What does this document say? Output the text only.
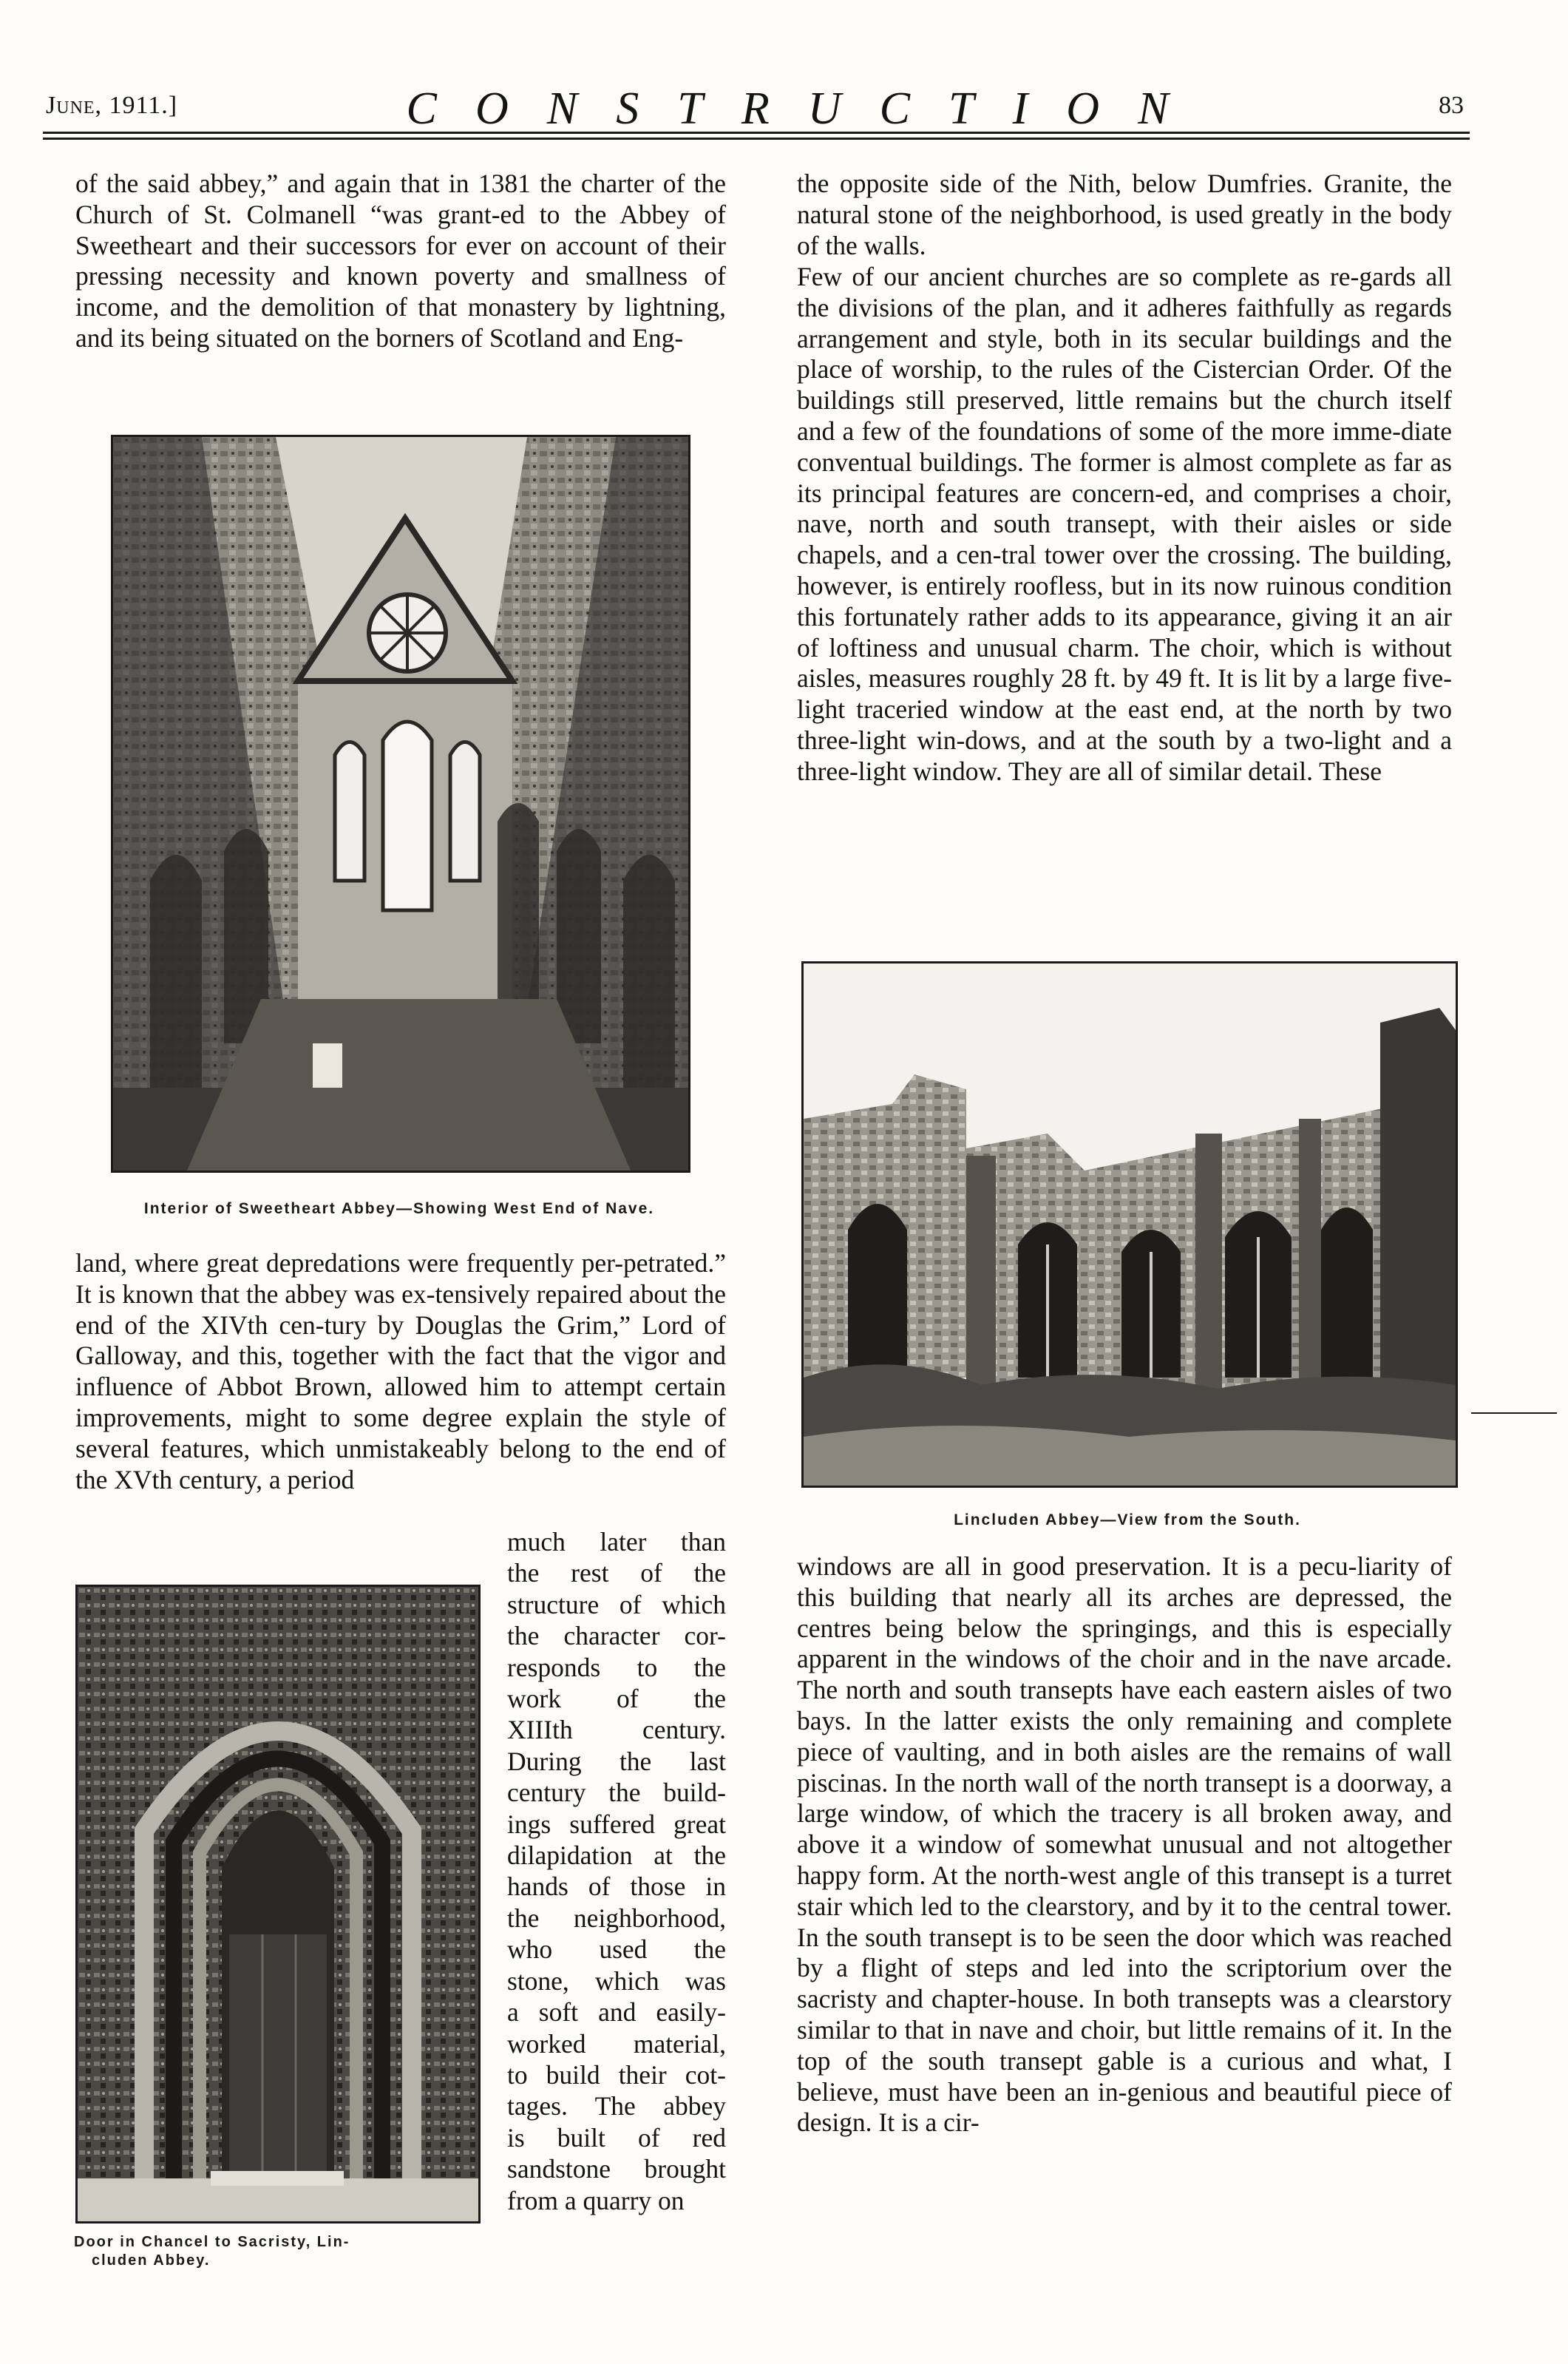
June, 1911.]	C O N S T R U C T I O N	83
of the said abbey,” and again that in 1381 the charter of the Church of St. Colmanell “was grant-ed to the Abbey of Sweetheart and their successors for ever on account of their pressing necessity and known poverty and smallness of income, and the demolition of that monastery by lightning, and its being situated on the borners of Scotland and Eng-
Interior of Sweetheart Abbey—Showing West End of Nave.
land, where great depredations were frequently per-petrated.” It is known that the abbey was ex-tensively repaired about the end of the XIVth cen-tury by Douglas the Grim,” Lord of Galloway, and this, together with the fact that the vigor and influence of Abbot Brown, allowed him to attempt certain improvements, might to some degree explain the style of several features, which unmistakeably belong to the end of the XVth century, a period
Door in Chancel to Sacristy, Lin-
cluden Abbey.
much later than
the rest of the
structure of which
the character cor-
responds to the
work of the
XIIIth century.
During the last
century the build-
ings suffered great
dilapidation at the
hands of those in
the neighborhood,
who used the
stone, which was
a soft and easily-
worked material,
to build their cot-
tages. The abbey
is built of red
sandstone brought
from a quarry on
the opposite side of the Nith, below Dumfries. Granite, the natural stone of the neighborhood, is used greatly in the body of the walls.
Few of our ancient churches are so complete as re-gards all the divisions of the plan, and it adheres faithfully as regards arrangement and style, both in its secular buildings and the place of worship, to the rules of the Cistercian Order. Of the buildings still preserved, little remains but the church itself and a few of the foundations of some of the more imme-diate conventual buildings. The former is almost complete as far as its principal features are concern-ed, and comprises a choir, nave, north and south transept, with their aisles or side chapels, and a cen-tral tower over the crossing. The building, however, is entirely roofless, but in its now ruinous condition this fortunately rather adds to its appearance, giving it an air of loftiness and unusual charm. The choir, which is without aisles, measures roughly 28 ft. by 49 ft. It is lit by a large five-light traceried window at the east end, at the north by two three-light win-dows, and at the south by a two-light and a three-light window. They are all of similar detail. These
Lincluden Abbey—View from the South.
windows are all in good preservation. It is a pecu-liarity of this building that nearly all its arches are depressed, the centres being below the springings, and this is especially apparent in the windows of the choir and in the nave arcade. The north and south transepts have each eastern aisles of two bays. In the latter exists the only remaining and complete piece of vaulting, and in both aisles are the remains of wall piscinas. In the north wall of the north transept is a doorway, a large window, of which the tracery is all broken away, and above it a window of somewhat unusual and not altogether happy form. At the north-west angle of this transept is a turret stair which led to the clearstory, and by it to the central tower. In the south transept is to be seen the door which was reached by a flight of steps and led into the scriptorium over the sacristy and chapter-house. In both transepts was a clearstory similar to that in nave and choir, but little remains of it. In the top of the south transept gable is a curious and what, I believe, must have been an in-genious and beautiful piece of design. It is a cir-
